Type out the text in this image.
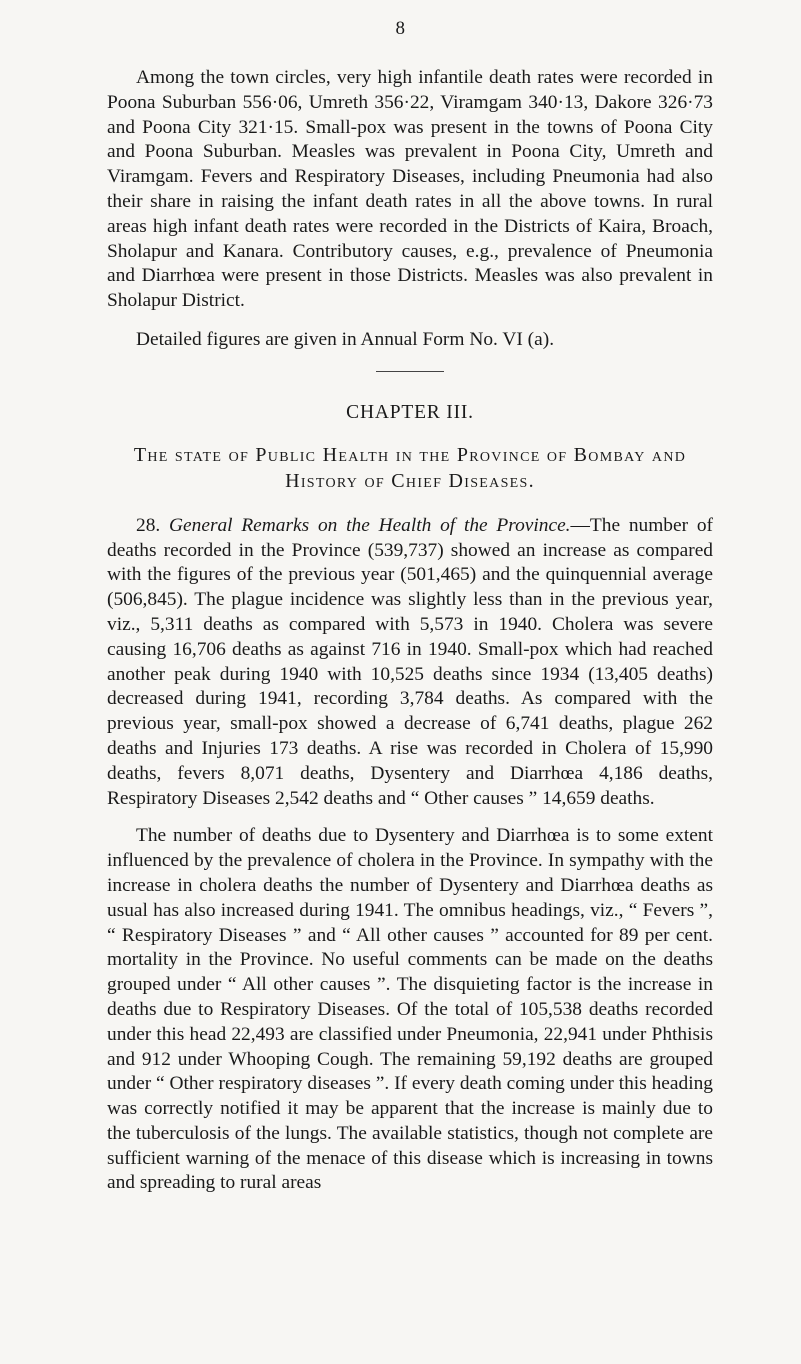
8

Among the town circles, very high infantile death rates were recorded in Poona Suburban 556·06, Umreth 356·22, Viramgam 340·13, Dakore 326·73 and Poona City 321·15. Small-pox was present in the towns of Poona City and Poona Suburban. Measles was prevalent in Poona City, Umreth and Viramgam. Fevers and Respiratory Diseases, including Pneumonia had also their share in raising the infant death rates in all the above towns. In rural areas high infant death rates were recorded in the Districts of Kaira, Broach, Sholapur and Kanara. Contributory causes, e.g., prevalence of Pneumonia and Diarrhœa were present in those Districts. Measles was also prevalent in Sholapur District.

Detailed figures are given in Annual Form No. VI (a).

CHAPTER III.
The state of Public Health in the Province of Bombay and History of Chief Diseases.

28. General Remarks on the Health of the Province.—The number of deaths recorded in the Province (539,737) showed an increase as compared with the figures of the previous year (501,465) and the quinquennial average (506,845). The plague incidence was slightly less than in the previous year, viz., 5,311 deaths as compared with 5,573 in 1940. Cholera was severe causing 16,706 deaths as against 716 in 1940. Small-pox which had reached another peak during 1940 with 10,525 deaths since 1934 (13,405 deaths) decreased during 1941, recording 3,784 deaths. As compared with the previous year, small-pox showed a decrease of 6,741 deaths, plague 262 deaths and Injuries 173 deaths. A rise was recorded in Cholera of 15,990 deaths, fevers 8,071 deaths, Dysentery and Diarrhœa 4,186 deaths, Respiratory Diseases 2,542 deaths and “ Other causes ” 14,659 deaths.

The number of deaths due to Dysentery and Diarrhœa is to some extent influenced by the prevalence of cholera in the Province. In sympathy with the increase in cholera deaths the number of Dysentery and Diarrhœa deaths as usual has also increased during 1941. The omnibus headings, viz., “ Fevers ”, “ Respiratory Diseases ” and “ All other causes ” accounted for 89 per cent. mortality in the Province. No useful comments can be made on the deaths grouped under “ All other causes ”. The disquieting factor is the increase in deaths due to Respiratory Diseases. Of the total of 105,538 deaths recorded under this head 22,493 are classified under Pneumonia, 22,941 under Phthisis and 912 under Whooping Cough. The remaining 59,192 deaths are grouped under “ Other respiratory diseases ”. If every death coming under this heading was correctly notified it may be apparent that the increase is mainly due to the tuberculosis of the lungs. The available statistics, though not complete are sufficient warning of the menace of this disease which is increasing in towns and spreading to rural areas
